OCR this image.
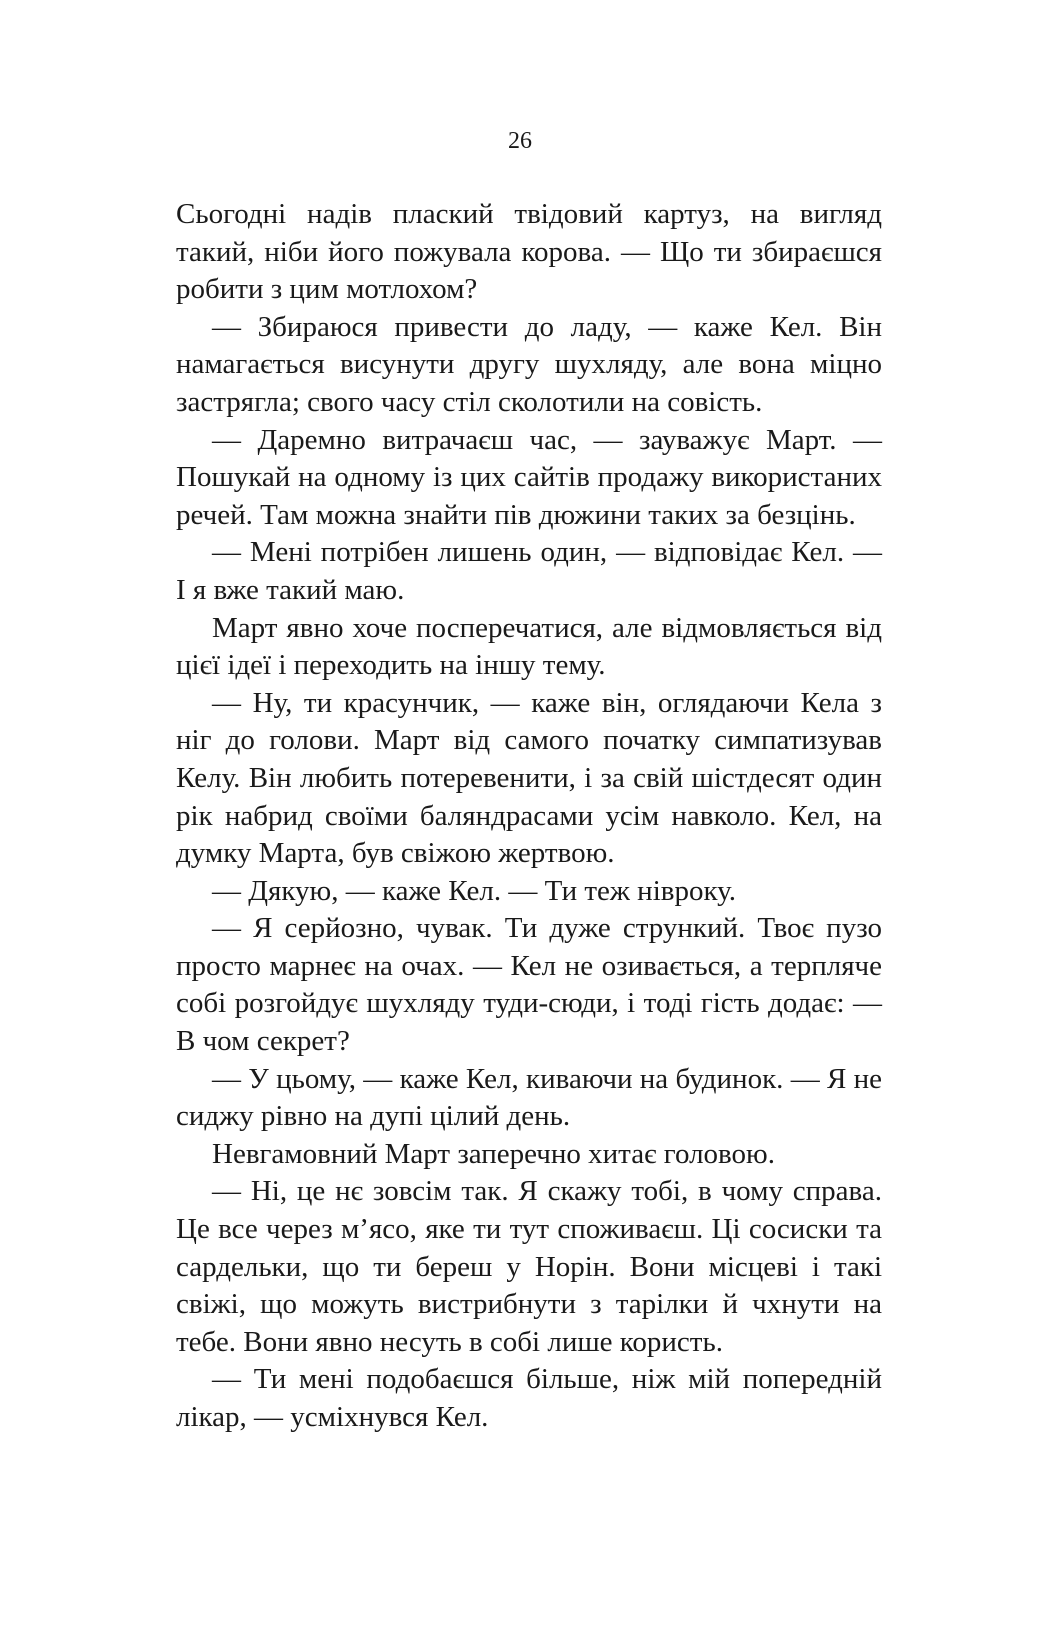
26

Сьогодні надів плаский твідовий картуз, на вигляд такий, ніби його пожувала корова. — Що ти збираєшся робити з цим мотлохом?

— Збираюся привести до ладу, — каже Кел. Він намагається висунути другу шухляду, але вона міцно застрягла; свого часу стіл сколотили на совість.

— Даремно витрачаєш час, — зауважує Март. — Пошукай на одному із цих сайтів продажу використаних речей. Там можна знайти пів дюжини таких за безцінь.

— Мені потрібен лишень один, — відповідає Кел. — І я вже такий маю.

Март явно хоче посперечатися, але відмовляється від цієї ідеї і переходить на іншу тему.

— Ну, ти красунчик, — каже він, оглядаючи Кела з ніг до голови. Март від самого початку симпатизував Келу. Він любить потеревенити, і за свій шістдесят один рік набрид своїми баляндрасами усім навколо. Кел, на думку Марта, був свіжою жертвою.

— Дякую, — каже Кел. — Ти теж нівроку.

— Я серйозно, чувак. Ти дуже стрункий. Твоє пузо просто марнеє на очах. — Кел не озивається, а терпляче собі розгойдує шухляду туди-сюди, і тоді гість додає: — В чом секрет?

— У цьому, — каже Кел, киваючи на будинок. — Я не сиджу рівно на дупі цілий день.

Невгамовний Март заперечно хитає головою.

— Ні, це нє зовсім так. Я скажу тобі, в чому справа. Це все через м’ясо, яке ти тут споживаєш. Ці сосиски та сардельки, що ти береш у Норін. Вони місцеві і такі свіжі, що можуть вистрибнути з тарілки й чхнути на тебе. Вони явно несуть в собі лише користь.

— Ти мені подобаєшся більше, ніж мій попередній лікар, — усміхнувся Кел.
